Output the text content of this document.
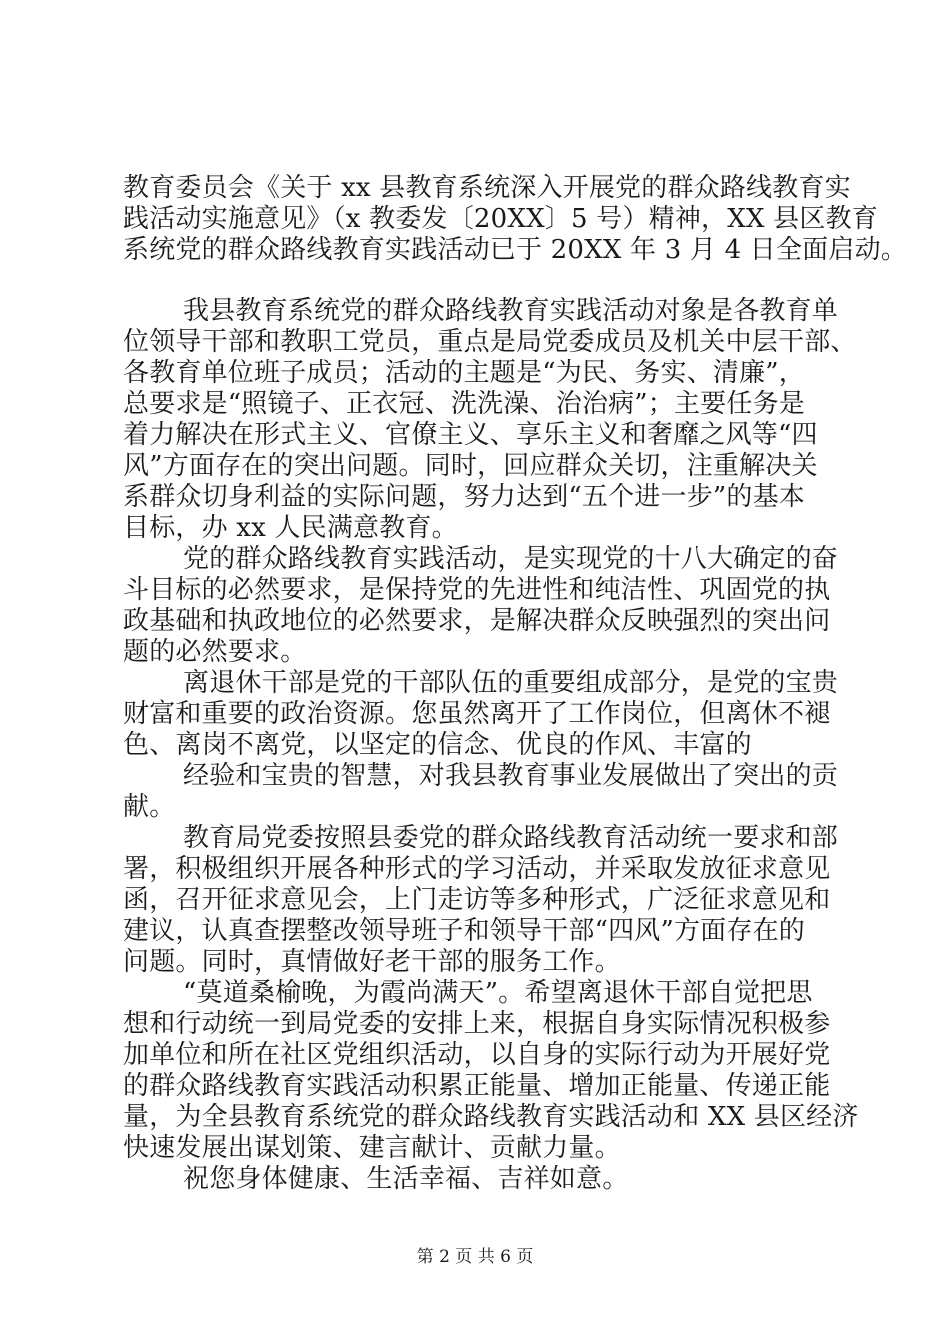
教育委员会《关于 xx 县教育系统深入开展党的群众路线教育实
践活动实施意见》（x 教委发〔20XX〕5 号）精神，XX 县区教育
系统党的群众路线教育实践活动已于 20XX 年 3 月 4 日全面启动。
我县教育系统党的群众路线教育实践活动对象是各教育单
位领导干部和教职工党员，重点是局党委成员及机关中层干部、
各教育单位班子成员；活动的主题是“为民、务实、清廉”，
总要求是“照镜子、正衣冠、洗洗澡、治治病”；主要任务是
着力解决在形式主义、官僚主义、享乐主义和奢靡之风等“四
风”方面存在的突出问题。同时，回应群众关切，注重解决关
系群众切身利益的实际问题，努力达到“五个进一步”的基本
目标，办 xx 人民满意教育。
党的群众路线教育实践活动，是实现党的十八大确定的奋
斗目标的必然要求，是保持党的先进性和纯洁性、巩固党的执
政基础和执政地位的必然要求，是解决群众反映强烈的突出问
题的必然要求。
离退休干部是党的干部队伍的重要组成部分，是党的宝贵
财富和重要的政治资源。您虽然离开了工作岗位，但离休不褪
色、离岗不离党，以坚定的信念、优良的作风、丰富的
经验和宝贵的智慧，对我县教育事业发展做出了突出的贡
献。
教育局党委按照县委党的群众路线教育活动统一要求和部
署，积极组织开展各种形式的学习活动，并采取发放征求意见
函，召开征求意见会，上门走访等多种形式，广泛征求意见和
建议，认真查摆整改领导班子和领导干部“四风”方面存在的
问题。同时，真情做好老干部的服务工作。
“莫道桑榆晚，为霞尚满天”。希望离退休干部自觉把思
想和行动统一到局党委的安排上来，根据自身实际情况积极参
加单位和所在社区党组织活动，以自身的实际行动为开展好党
的群众路线教育实践活动积累正能量、增加正能量、传递正能
量，为全县教育系统党的群众路线教育实践活动和 XX 县区经济
快速发展出谋划策、建言献计、贡献力量。
祝您身体健康、生活幸福、吉祥如意。
第 2 页 共 6 页
